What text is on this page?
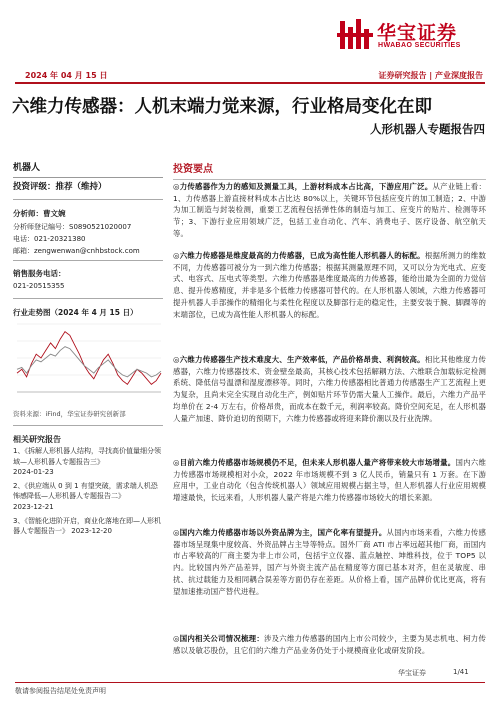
华宝证券
HWABAO SECURITIES
2024 年 04 月 15 日	证券研究报告 | 产业深度报告
六维力传感器：人机末端力觉来源，行业格局变化在即
人形机器人专题报告四
机器人
投资评级：推荐（维持）
分析师：曹文婉
分析师登记编号：S0890521020007
电话：021-20321380
邮箱：zengwenwan@cnhbstock.com
销售服务电话：
021-20515355
行业走势图（2024 年 4 月 15 日）
资料来源：iFind，华宝证券研究创新部
相关研究报告
1、《拆解人形机器人结构，寻找高价值量细分领域—人形机器人专题报告三》
2024-01-23
2、《供应端从 0 到 1 有望突破，需求端人机恐怖感降低—人形机器人专题报告二》
2023-12-21
3、《智能化进阶开启，商业化落地在即—人形机器人专题报告一》 2023-12-20
投资要点
◎力传感器作为力的感知及测量工具，上游材料成本占比高，下游应用广泛。从产业链上看：1、力传感器上游直接材料成本占比达 80%以上，关键环节包括应变片的加工制造；2、中游为加工制造与封装检测，重要工艺流程包括弹性体的制造与加工、应变片的贴片、检测等环节；3、下游行业应用领域广泛，包括工业自动化、汽车、消费电子、医疗设备、航空航天等。
◎六维力传感器是维度最高的力传感器，已成为高性能人形机器人的标配。根据所测力的维数不同，力传感器可被分为一到六维力传感器；根据其测量原理不同，又可以分为光电式、应变式、电容式、压电式等类型。六维力传感器是维度最高的力传感器，能给出最为全面的力觉信息、提升传感精度，并非是多个低维力传感器可替代的。在人形机器人领域，六维力传感器可提升机器人手部操作的精细化与柔性化程度以及脚部行走的稳定性，主要安装于腕、脚踝等的末端部位，已成为高性能人形机器人的标配。
◎六维力传感器生产技术难度大、生产效率低，产品价格昂贵、利润较高。相比其他维度力传感器，六维力传感器技术、资金壁垒最高，其核心技术包括解耦方法、六维联合加载标定检测系统、降低信号温漂和湿度漂移等。同时，六维力传感器相比普通力传感器生产工艺流程上更为复杂，且尚未完全实现自动化生产，例如贴片环节仍需大量人工操作。最后，六维力产品平均单价在 2-4 万左右，价格昂贵，而成本在数千元，利润率较高。降价空间充足，在人形机器人量产加速、降价迫切的预期下，六维力传感器或将迎来降价潮以及行业洗牌。
◎目前六维力传感器市场规模仍不足，但未来人形机器人量产将带来较大市场增量。国内六维力传感器市场规模相对小众，2022 年市场规模不到 3 亿人民币，销量只有 1 万套。在下游应用中，工业自动化（包含传统机器人）领域应用规模占据主导，但人形机器人行业应用规模增速最快，长远来看，人形机器人量产将是六维力传感器市场较大的增长来源。
◎国内六维力传感器市场以外资品牌为主，国产化率有望提升。从国内市场来看，六维力传感器市场呈现集中度较高、外资品牌占主导等特点。国外厂商 ATI 市占率远超其他厂商，而国内市占率较高的厂商主要为非上市公司，包括宇立仪器、蓝点触控、坤维科技，位于 TOP5 以内。比较国内外产品差异，国产与外资主流产品在精度等方面已基本对齐，但在灵敏度、串扰、抗过载能力及相同耦合误差等方面仍存在差距。从价格上看，国产品牌价优比更高，将有望加速推动国产替代进程。
◎国内相关公司情况梳理：涉及六维力传感器的国内上市公司较少，主要为昊志机电、柯力传感以及敏芯股份，且它们的六维力产品业务仍处于小规模商业化或研发阶段。
华宝证券	1/41
敬请参阅报告结尾处免责声明
